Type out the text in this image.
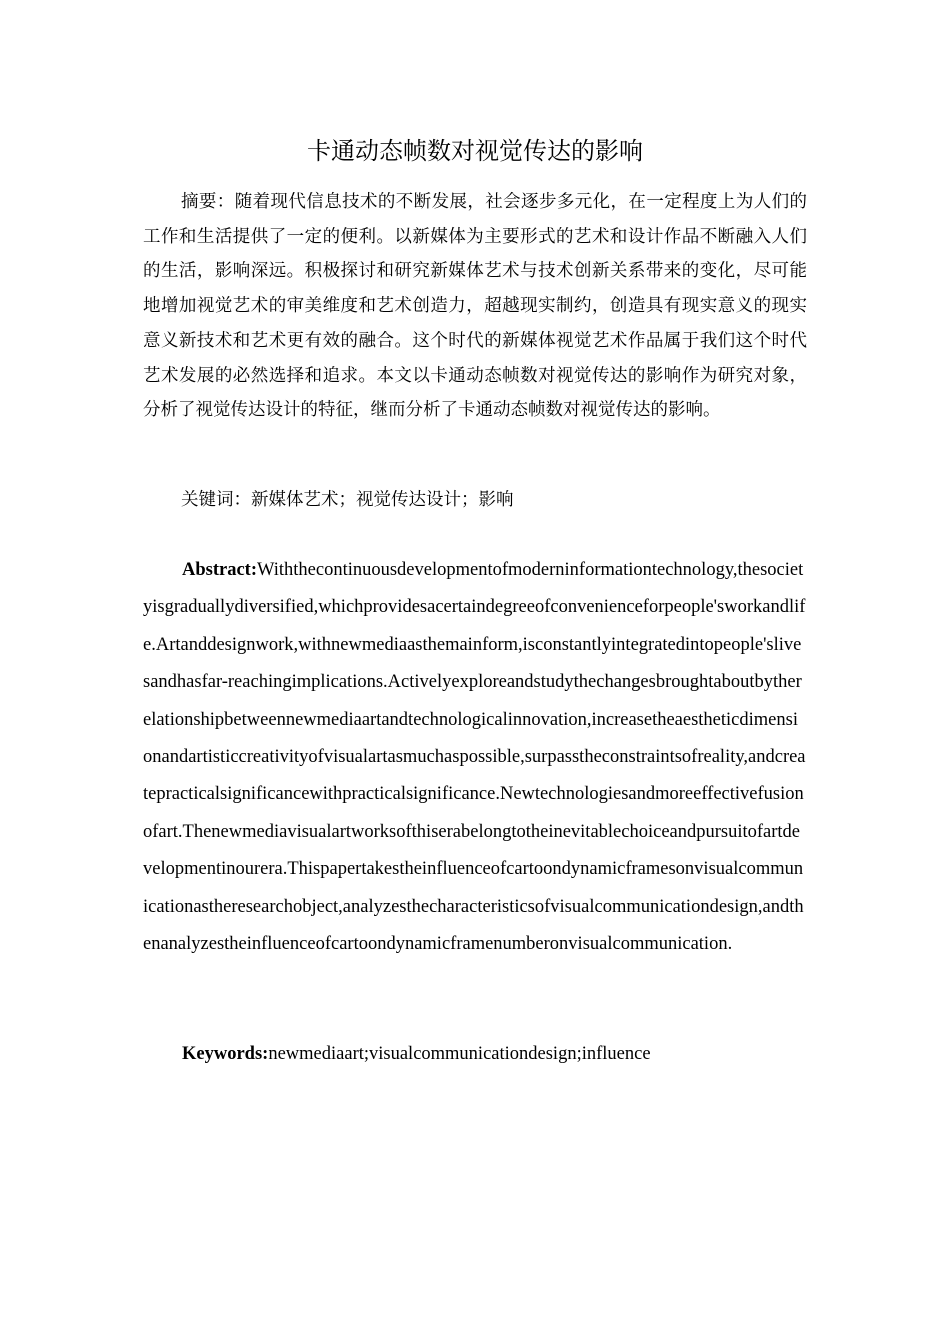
卡通动态帧数对视觉传达的影响
摘要：随着现代信息技术的不断发展，社会逐步多元化，在一定程度上为人们的工作和生活提供了一定的便利。以新媒体为主要形式的艺术和设计作品不断融入人们的生活，影响深远。积极探讨和研究新媒体艺术与技术创新关系带来的变化，尽可能地增加视觉艺术的审美维度和艺术创造力，超越现实制约，创造具有现实意义的现实意义新技术和艺术更有效的融合。这个时代的新媒体视觉艺术作品属于我们这个时代艺术发展的必然选择和追求。本文以卡通动态帧数对视觉传达的影响作为研究对象，分析了视觉传达设计的特征，继而分析了卡通动态帧数对视觉传达的影响。
关键词：新媒体艺术；视觉传达设计；影响
Abstract:Withthecontinuousdevelopmentofmoderninformationtechnology,thesocietyisgraduallydiversified,whichprovidesacertaindegreeofconvenienceforpeople'sworkandlife.Artanddesignwork,withnewmediaasthemainform,isconstantlyintegratedintopeople'slivesandhasfar-reachingimplications.Activelyexploreandstudythechangesbroughtaboutbytherelationshipbetweennewmediaartandtechnologicalinnovation,increasetheaestheticdimensionandartisticcreativityofvisualartasmuchaspossible,surpasstheconstraintsofreality,andcreatepracticalsignificancewithpracticalsignificance.Newtechnologiesandmoreeffectivefusionofart.Thenewmediavisualartworksofthiserabelongtotheinevitablechoiceandpursuitofartdevelopmentinourera.Thispapertakestheinfluenceofcartoondynamicframesonvisualcommunicationastheresearchobject,analyzesthecharacteristicsofvisualcommunicationdesign,andthenanalyzestheinfluenceofcartoondynamicframenumberonvisualcommunication.
Keywords:newmediaart;visualcommunicationdesign;influence
